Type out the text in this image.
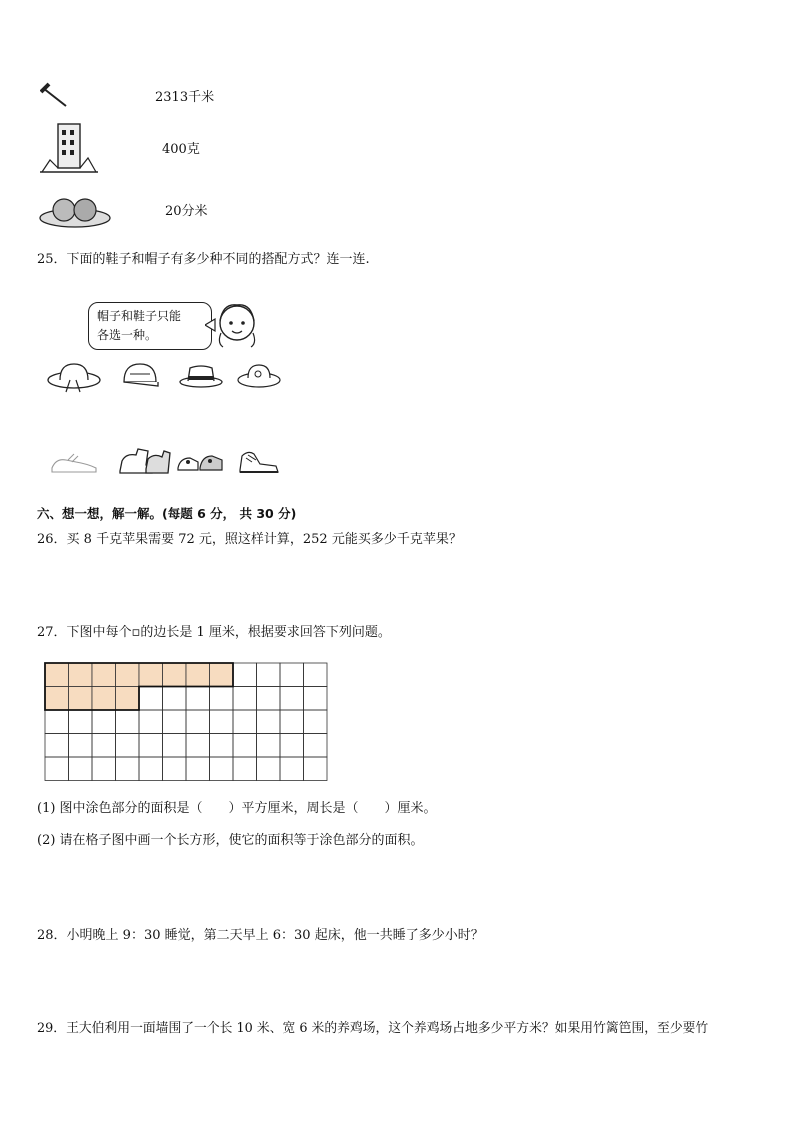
2313千米
400克
20分米
25．下面的鞋子和帽子有多少种不同的搭配方式？连一连.
帽子和鞋子只能
各选一种。
六、想一想，解一解。(每题 6 分， 共 30 分)
26．买 8 千克苹果需要 72 元，照这样计算，252 元能买多少千克苹果？
27．下图中每个▫的边长是 1 厘米，根据要求回答下列问题。
(1) 图中涂色部分的面积是（　　）平方厘米，周长是（　　）厘米。
(2) 请在格子图中画一个长方形，使它的面积等于涂色部分的面积。
28．小明晚上 9：30 睡觉，第二天早上 6：30 起床，他一共睡了多少小时？
29．王大伯利用一面墙围了一个长 10 米、宽 6 米的养鸡场，这个养鸡场占地多少平方米？如果用竹篱笆围，至少要竹
